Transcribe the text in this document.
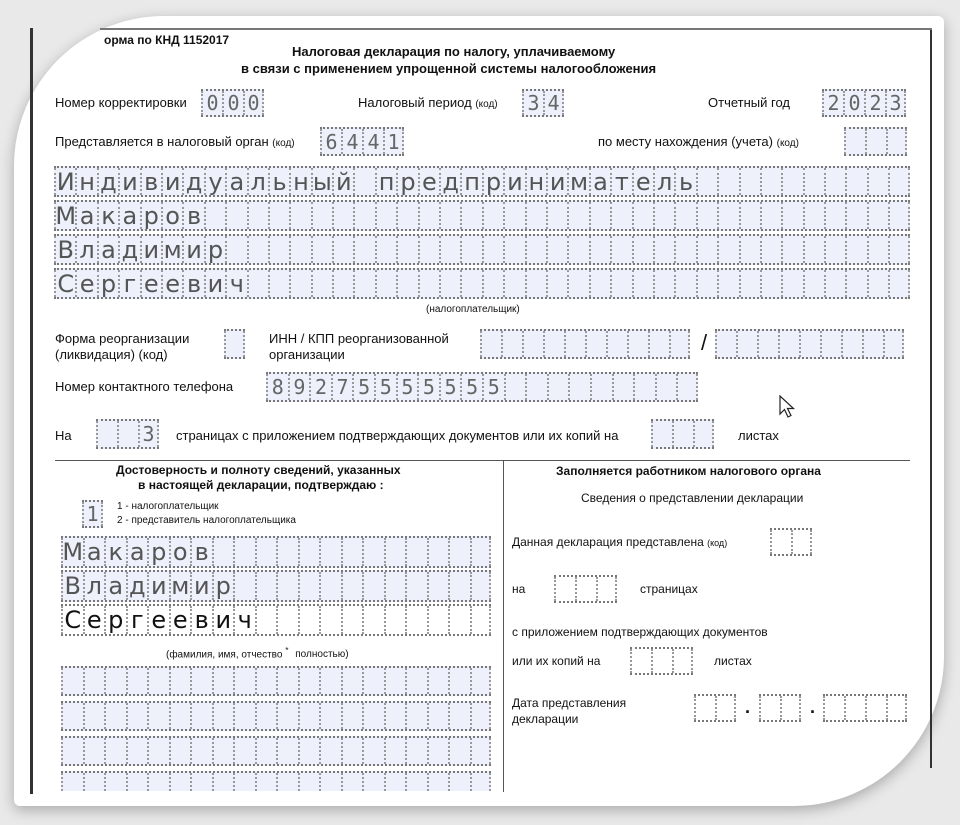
орма по КНД 1152017
Налоговая декларация по налогу, уплачиваемому
в связи с применением упрощенной системы налогообложения
Номер корректировки 0 0 0	Налоговый период (код) 3 4	Отчетный год 2 0 2 3
Представляется в налоговый орган (код) 6 4 4 1	по месту нахождения (учета) (код)
И н д и в и д у а л ь н ы й п р е д п р и н и м а т е л ь
М а к а р о в
В л а д и м и р
С е р г е е в и ч
(налогоплательщик)
Форма реорганизации
(ликвидация) (код)
ИНН / КПП реорганизованной
организации	/
Номер контактного телефона 8 9 2 7 5 5 5 5 5 5 5
На	3	страницах с приложением подтверждающих документов или их копий на	листах
Достоверность и полноту сведений, указанных
в настоящей декларации, подтверждаю :
1	1 - налогоплательщик
2 - представитель налогоплательщика
М а к а р о в
В л а д и м и р
С е р г е е в и ч
(фамилия, имя, отчество * полностью)
Заполняется работником налогового органа
Сведения о представлении декларации
Данная декларация представлена (код)
на	страницах
с приложением подтверждающих документов
или их копий на	листах
Дата представления
декларации
.	.
